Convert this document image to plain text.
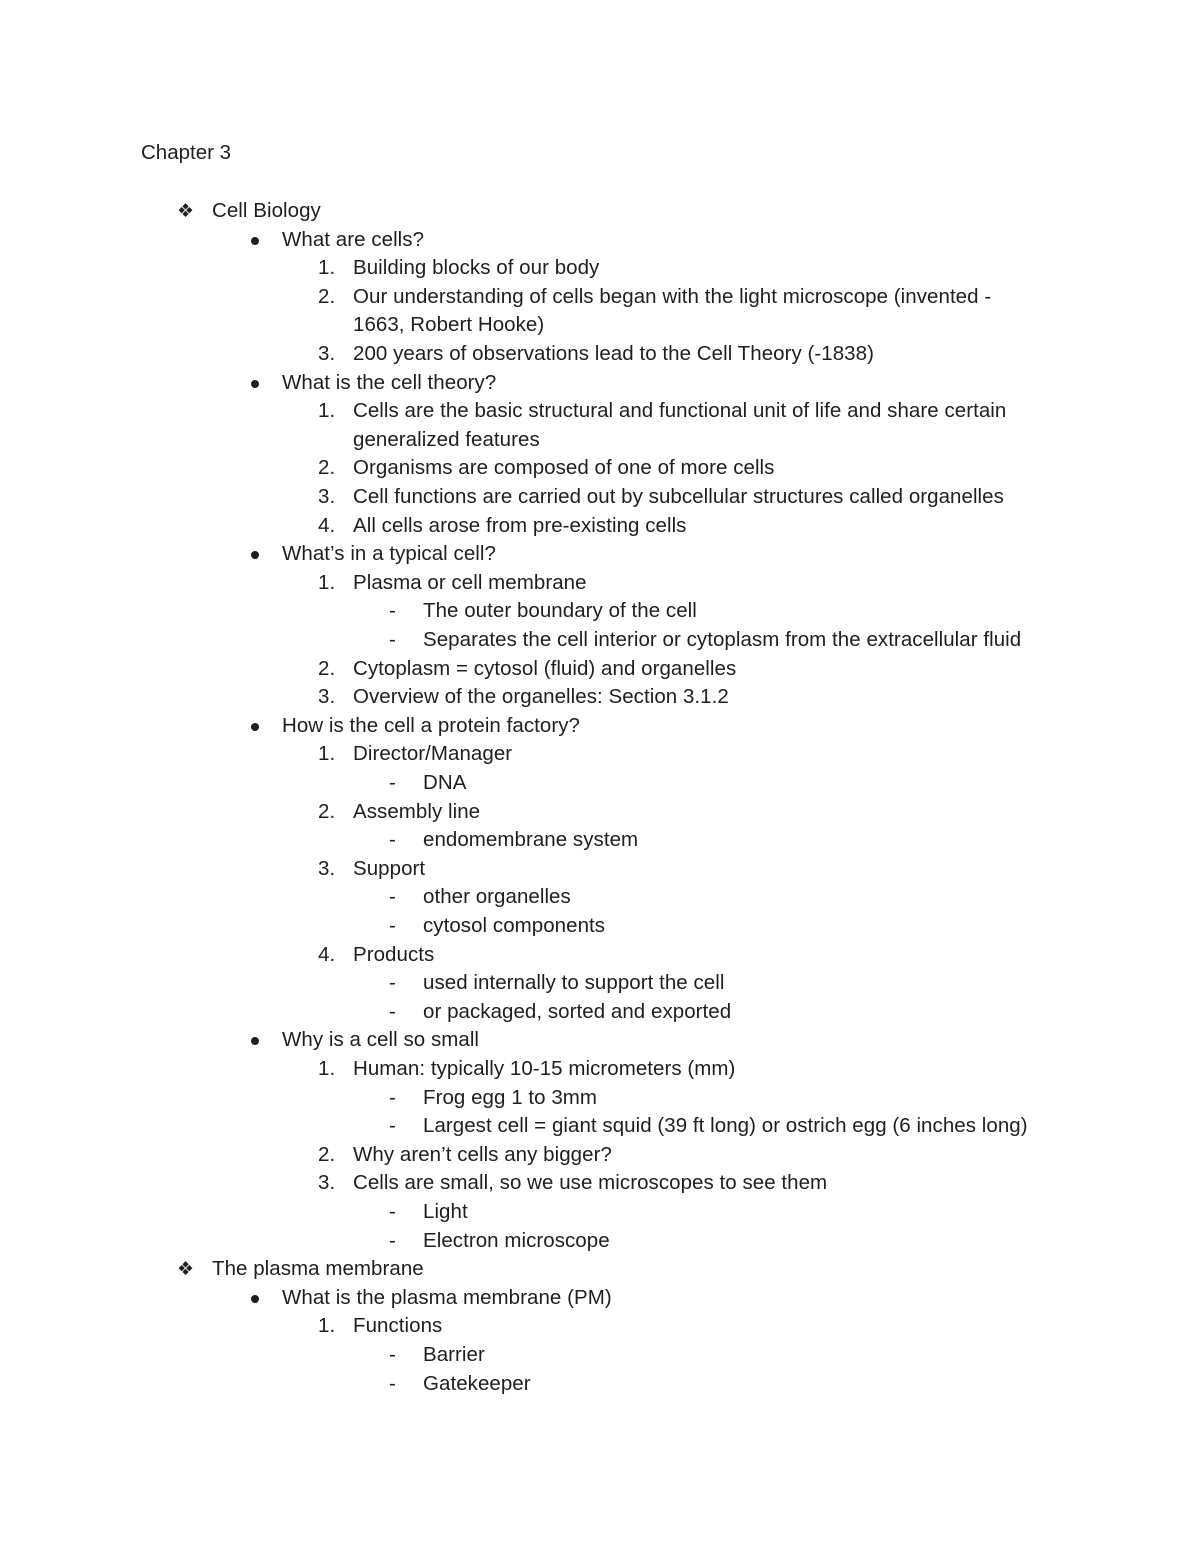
Chapter 3
❖ Cell Biology
What are cells?
1. Building blocks of our body
2. Our understanding of cells began with the light microscope (invented -
1663, Robert Hooke)
3. 200 years of observations lead to the Cell Theory (-1838)
What is the cell theory?
1. Cells are the basic structural and functional unit of life and share certain
generalized features
2. Organisms are composed of one of more cells
3. Cell functions are carried out by subcellular structures called organelles
4. All cells arose from pre-existing cells
What’s in a typical cell?
1. Plasma or cell membrane
- The outer boundary of the cell
- Separates the cell interior or cytoplasm from the extracellular fluid
2. Cytoplasm = cytosol (fluid) and organelles
3. Overview of the organelles: Section 3.1.2
How is the cell a protein factory?
1. Director/Manager
- DNA
2. Assembly line
- endomembrane system
3. Support
- other organelles
- cytosol components
4. Products
- used internally to support the cell
- or packaged, sorted and exported
Why is a cell so small
1. Human: typically 10-15 micrometers (mm)
- Frog egg 1 to 3mm
- Largest cell = giant squid (39 ft long) or ostrich egg (6 inches long)
2. Why aren’t cells any bigger?
3. Cells are small, so we use microscopes to see them
- Light
- Electron microscope
❖ The plasma membrane
What is the plasma membrane (PM)
1. Functions
- Barrier
- Gatekeeper
